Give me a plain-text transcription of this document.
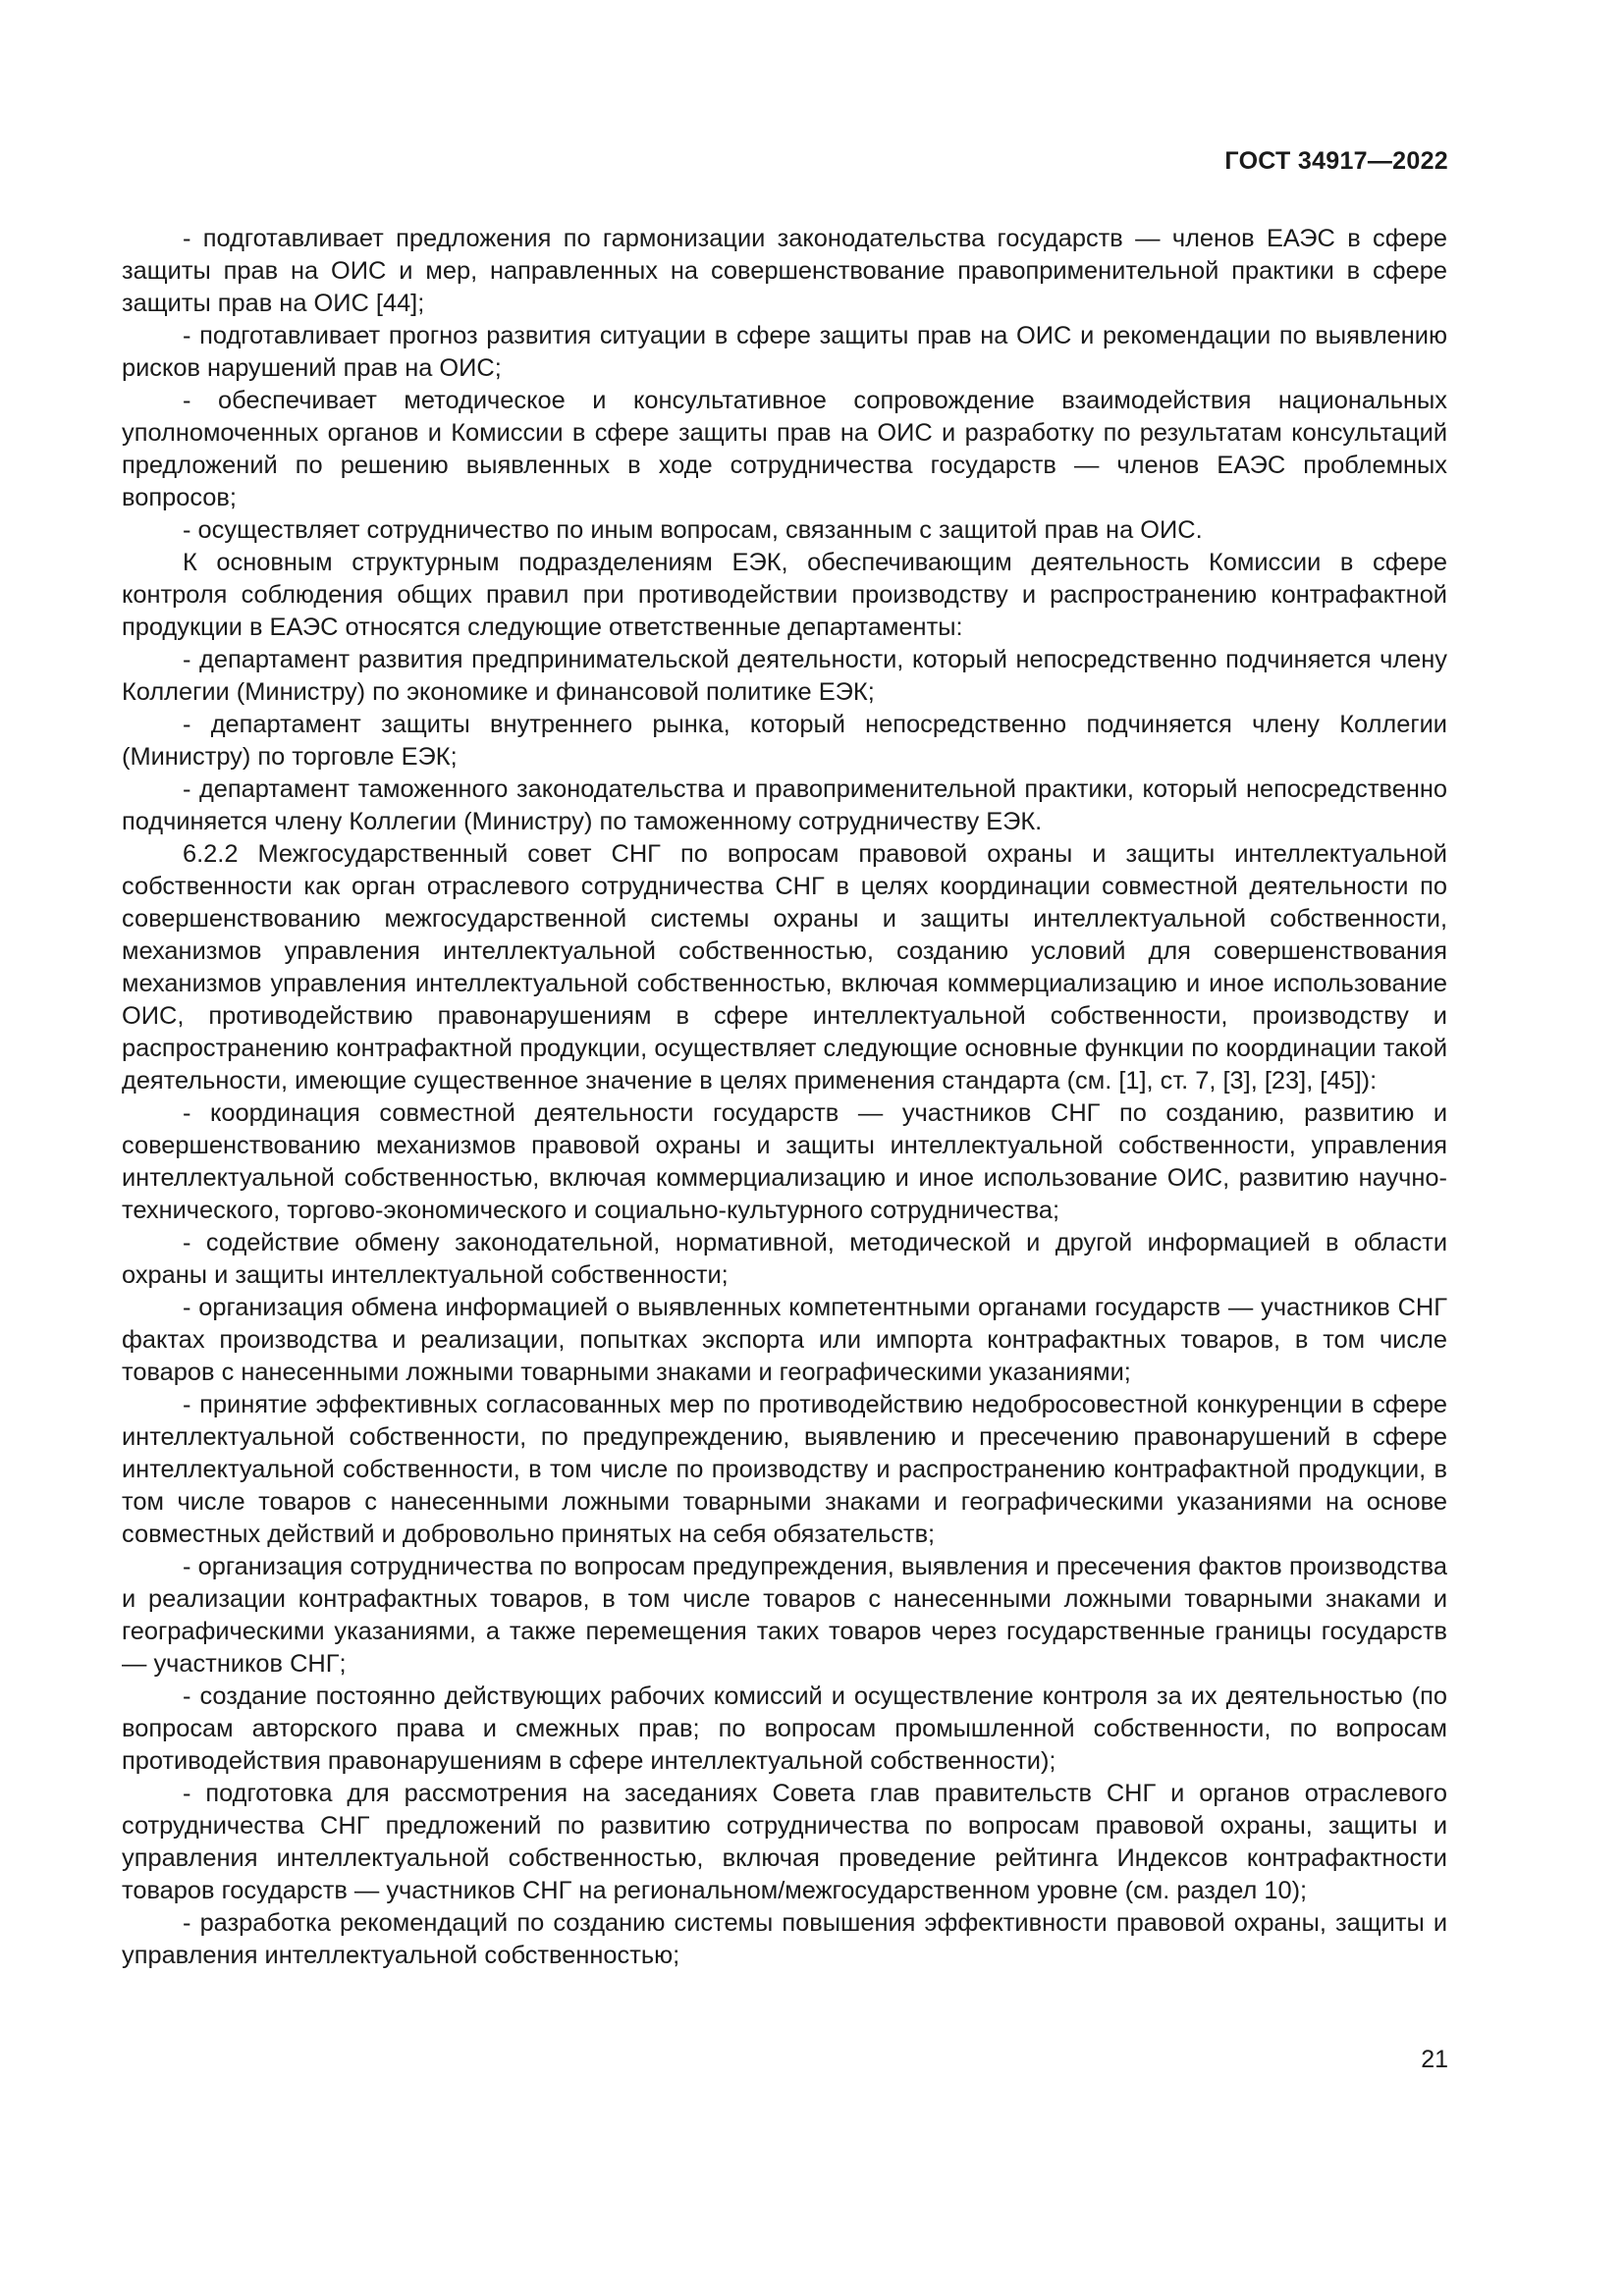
ГОСТ 34917—2022

- подготавливает предложения по гармонизации законодательства государств — членов ЕАЭС в сфере защиты прав на ОИС и мер, направленных на совершенствование правоприменительной практики в сфере защиты прав на ОИС [44];

- подготавливает прогноз развития ситуации в сфере защиты прав на ОИС и рекомендации по выявлению рисков нарушений прав на ОИС;

- обеспечивает методическое и консультативное сопровождение взаимодействия национальных уполномоченных органов и Комиссии в сфере защиты прав на ОИС и разработку по результатам консультаций предложений по решению выявленных в ходе сотрудничества государств — членов ЕАЭС проблемных вопросов;

- осуществляет сотрудничество по иным вопросам, связанным с защитой прав на ОИС.

К основным структурным подразделениям ЕЭК, обеспечивающим деятельность Комиссии в сфере контроля соблюдения общих правил при противодействии производству и распространению контрафактной продукции в ЕАЭС относятся следующие ответственные департаменты:

- департамент развития предпринимательской деятельности, который непосредственно подчиняется члену Коллегии (Министру) по экономике и финансовой политике ЕЭК;

- департамент защиты внутреннего рынка, который непосредственно подчиняется члену Коллегии (Министру) по торговле ЕЭК;

- департамент таможенного законодательства и правоприменительной практики, который непосредственно подчиняется члену Коллегии (Министру) по таможенному сотрудничеству ЕЭК.

6.2.2 Межгосударственный совет СНГ по вопросам правовой охраны и защиты интеллектуальной собственности как орган отраслевого сотрудничества СНГ в целях координации совместной деятельности по совершенствованию межгосударственной системы охраны и защиты интеллектуальной собственности, механизмов управления интеллектуальной собственностью, созданию условий для совершенствования механизмов управления интеллектуальной собственностью, включая коммерциализацию и иное использование ОИС, противодействию правонарушениям в сфере интеллектуальной собственности, производству и распространению контрафактной продукции, осуществляет следующие основные функции по координации такой деятельности, имеющие существенное значение в целях применения стандарта (см. [1], ст. 7, [3], [23], [45]):

- координация совместной деятельности государств — участников СНГ по созданию, развитию и совершенствованию механизмов правовой охраны и защиты интеллектуальной собственности, управления интеллектуальной собственностью, включая коммерциализацию и иное использование ОИС, развитию научно-технического, торгово-экономического и социально-культурного сотрудничества;

- содействие обмену законодательной, нормативной, методической и другой информацией в области охраны и защиты интеллектуальной собственности;

- организация обмена информацией о выявленных компетентными органами государств — участников СНГ фактах производства и реализации, попытках экспорта или импорта контрафактных товаров, в том числе товаров с нанесенными ложными товарными знаками и географическими указаниями;

- принятие эффективных согласованных мер по противодействию недобросовестной конкуренции в сфере интеллектуальной собственности, по предупреждению, выявлению и пресечению правонарушений в сфере интеллектуальной собственности, в том числе по производству и распространению контрафактной продукции, в том числе товаров с нанесенными ложными товарными знаками и географическими указаниями на основе совместных действий и добровольно принятых на себя обязательств;

- организация сотрудничества по вопросам предупреждения, выявления и пресечения фактов производства и реализации контрафактных товаров, в том числе товаров с нанесенными ложными товарными знаками и географическими указаниями, а также перемещения таких товаров через государственные границы государств — участников СНГ;

- создание постоянно действующих рабочих комиссий и осуществление контроля за их деятельностью (по вопросам авторского права и смежных прав; по вопросам промышленной собственности, по вопросам противодействия правонарушениям в сфере интеллектуальной собственности);

- подготовка для рассмотрения на заседаниях Совета глав правительств СНГ и органов отраслевого сотрудничества СНГ предложений по развитию сотрудничества по вопросам правовой охраны, защиты и управления интеллектуальной собственностью, включая проведение рейтинга Индексов контрафактности товаров государств — участников СНГ на региональном/межгосударственном уровне (см. раздел 10);

- разработка рекомендаций по созданию системы повышения эффективности правовой охраны, защиты и управления интеллектуальной собственностью;

21
